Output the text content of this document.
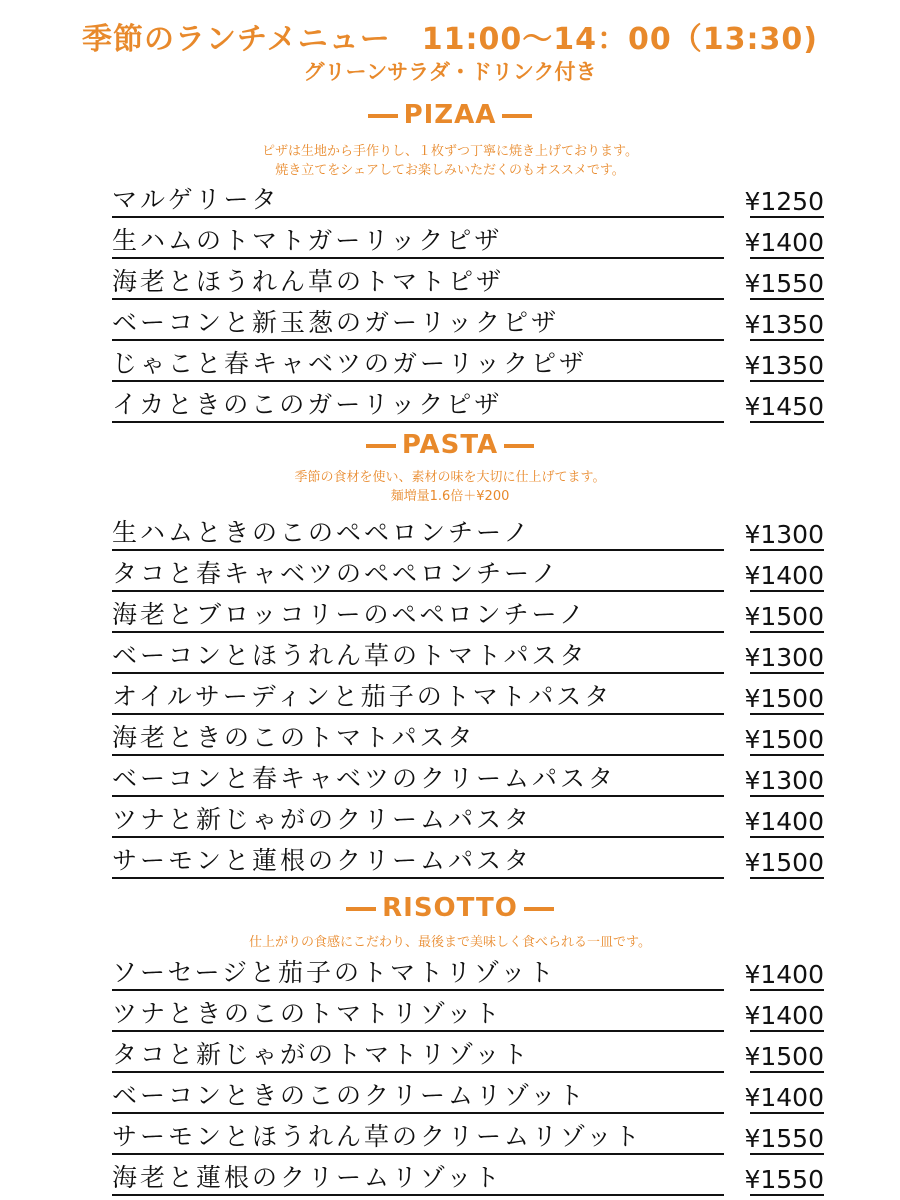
季節のランチメニュー　11:00〜14：00（13:30)
グリーンサラダ・ドリンク付き
PIZAA
ピザは生地から手作りし、１枚ずつ丁寧に焼き上げております。
焼き立てをシェアしてお楽しみいただくのもオススメです。
マルゲリータ	¥1250
生ハムのトマトガーリックピザ	¥1400
海老とほうれん草のトマトピザ	¥1550
ベーコンと新玉葱のガーリックピザ	¥1350
じゃこと春キャベツのガーリックピザ	¥1350
イカときのこのガーリックピザ	¥1450
PASTA
季節の食材を使い、素材の味を大切に仕上げてます。
麺増量1.6倍＋¥200
生ハムときのこのペペロンチーノ	¥1300
タコと春キャベツのペペロンチーノ	¥1400
海老とブロッコリーのペペロンチーノ	¥1500
ベーコンとほうれん草のトマトパスタ	¥1300
オイルサーディンと茄子のトマトパスタ	¥1500
海老ときのこのトマトパスタ	¥1500
ベーコンと春キャベツのクリームパスタ	¥1300
ツナと新じゃがのクリームパスタ	¥1400
サーモンと蓮根のクリームパスタ	¥1500
RISOTTO
仕上がりの食感にこだわり、最後まで美味しく食べられる一皿です。
ソーセージと茄子のトマトリゾット	¥1400
ツナときのこのトマトリゾット	¥1400
タコと新じゃがのトマトリゾット	¥1500
ベーコンときのこのクリームリゾット	¥1400
サーモンとほうれん草のクリームリゾット	¥1550
海老と蓮根のクリームリゾット	¥1550
